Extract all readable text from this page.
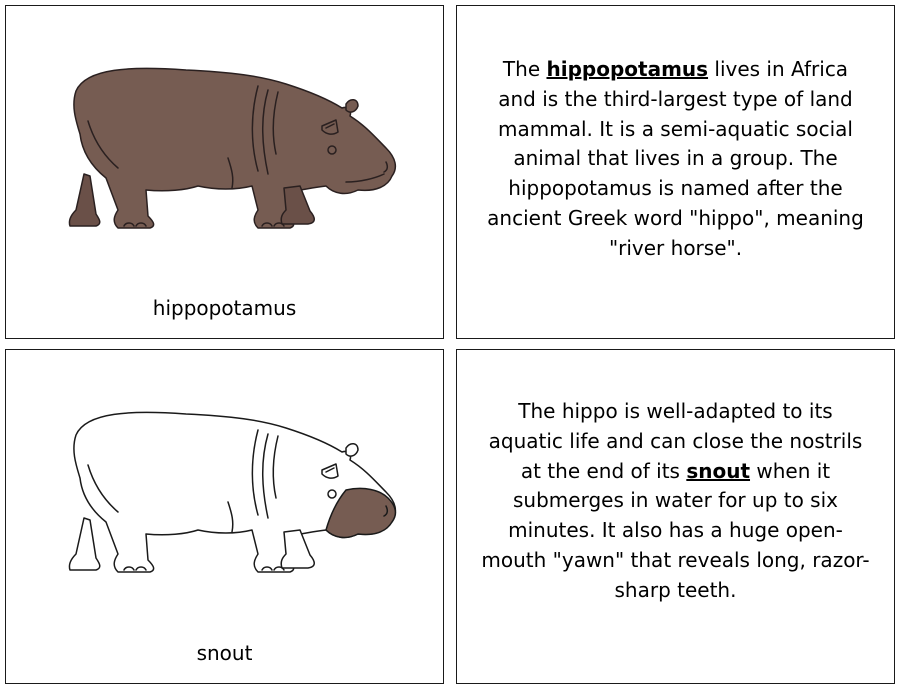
hippopotamus
The hippopotamus lives in Africa and is the third-largest type of land mammal. It is a semi-aquatic social animal that lives in a group. The hippopotamus is named after the ancient Greek word "hippo", meaning "river horse".
snout
The hippo is well-adapted to its aquatic life and can close the nostrils at the end of its snout when it submerges in water for up to six minutes. It also has a huge open-mouth "yawn" that reveals long, razor-sharp teeth.
